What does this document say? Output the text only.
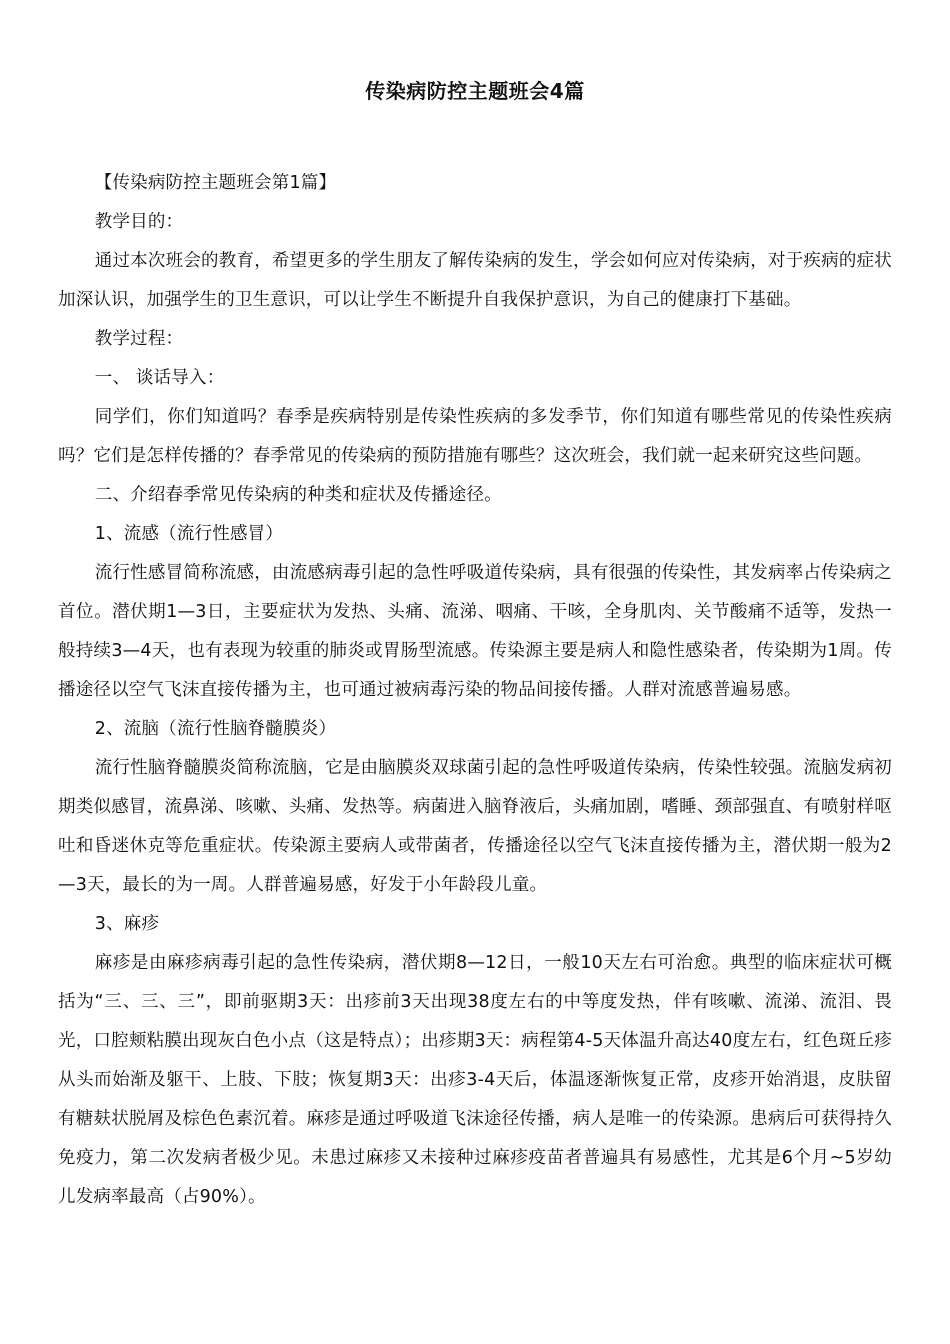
传染病防控主题班会4篇

【传染病防控主题班会第1篇】

教学目的：

通过本次班会的教育，希望更多的学生朋友了解传染病的发生，学会如何应对传染病，对于疾病的症状加深认识，加强学生的卫生意识，可以让学生不断提升自我保护意识，为自己的健康打下基础。

教学过程：

一、 谈话导入：

同学们，你们知道吗？春季是疾病特别是传染性疾病的多发季节，你们知道有哪些常见的传染性疾病吗？它们是怎样传播的？春季常见的传染病的预防措施有哪些？这次班会，我们就一起来研究这些问题。

二、介绍春季常见传染病的种类和症状及传播途径。

1、流感（流行性感冒）

流行性感冒简称流感，由流感病毒引起的急性呼吸道传染病，具有很强的传染性，其发病率占传染病之首位。潜伏期1—3日，主要症状为发热、头痛、流涕、咽痛、干咳，全身肌肉、关节酸痛不适等，发热一般持续3—4天，也有表现为较重的肺炎或胃肠型流感。传染源主要是病人和隐性感染者，传染期为1周。传播途径以空气飞沫直接传播为主，也可通过被病毒污染的物品间接传播。人群对流感普遍易感。

2、流脑（流行性脑脊髓膜炎）

流行性脑脊髓膜炎简称流脑，它是由脑膜炎双球菌引起的急性呼吸道传染病，传染性较强。流脑发病初期类似感冒，流鼻涕、咳嗽、头痛、发热等。病菌进入脑脊液后，头痛加剧，嗜睡、颈部强直、有喷射样呕吐和昏迷休克等危重症状。传染源主要病人或带菌者，传播途径以空气飞沫直接传播为主，潜伏期一般为2—3天，最长的为一周。人群普遍易感，好发于小年龄段儿童。

3、麻疹

麻疹是由麻疹病毒引起的急性传染病，潜伏期8—12日，一般10天左右可治愈。典型的临床症状可概括为“三、三、三”，即前驱期3天：出疹前3天出现38度左右的中等度发热，伴有咳嗽、流涕、流泪、畏光，口腔颊粘膜出现灰白色小点（这是特点）；出疹期3天：病程第4-5天体温升高达40度左右，红色斑丘疹从头而始渐及躯干、上肢、下肢；恢复期3天：出疹3-4天后，体温逐渐恢复正常，皮疹开始消退，皮肤留有糖麸状脱屑及棕色色素沉着。麻疹是通过呼吸道飞沫途径传播，病人是唯一的传染源。患病后可获得持久免疫力，第二次发病者极少见。未患过麻疹又未接种过麻疹疫苗者普遍具有易感性，尤其是6个月~5岁幼儿发病率最高（占90%）。
